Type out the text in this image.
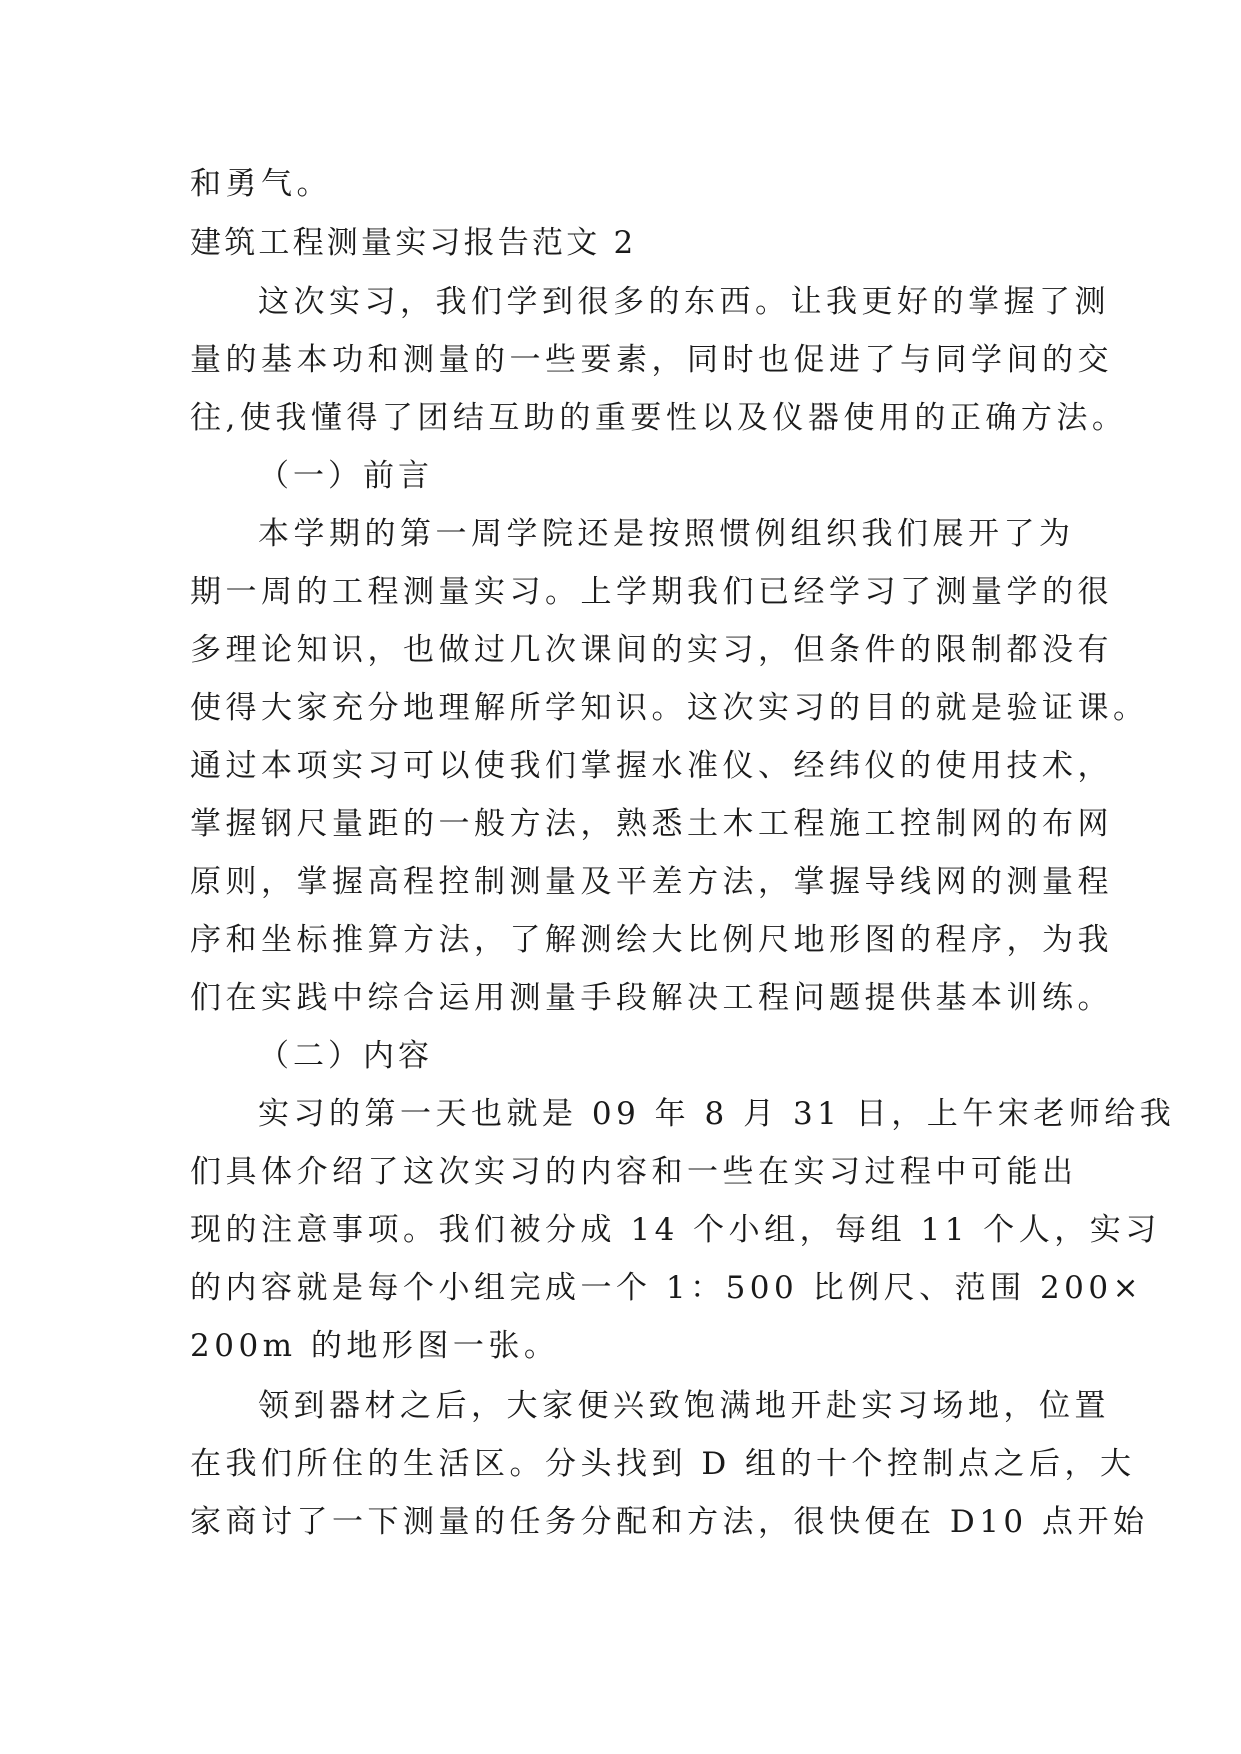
和勇气。
建筑工程测量实习报告范文 2
这次实习，我们学到很多的东西。让我更好的掌握了测
量的基本功和测量的一些要素，同时也促进了与同学间的交
往,使我懂得了团结互助的重要性以及仪器使用的正确方法。
（一）前言
本学期的第一周学院还是按照惯例组织我们展开了为
期一周的工程测量实习。上学期我们已经学习了测量学的很
多理论知识，也做过几次课间的实习，但条件的限制都没有
使得大家充分地理解所学知识。这次实习的目的就是验证课。
通过本项实习可以使我们掌握水准仪、经纬仪的使用技术，
掌握钢尺量距的一般方法，熟悉土木工程施工控制网的布网
原则，掌握高程控制测量及平差方法，掌握导线网的测量程
序和坐标推算方法，了解测绘大比例尺地形图的程序，为我
们在实践中综合运用测量手段解决工程问题提供基本训练。
（二）内容
实习的第一天也就是 09 年 8 月 31 日，上午宋老师给我
们具体介绍了这次实习的内容和一些在实习过程中可能出
现的注意事项。我们被分成 14 个小组，每组 11 个人，实习
的内容就是每个小组完成一个 1：500 比例尺、范围 200×
200m 的地形图一张。
领到器材之后，大家便兴致饱满地开赴实习场地，位置
在我们所住的生活区。分头找到 D 组的十个控制点之后，大
家商讨了一下测量的任务分配和方法，很快便在 D10 点开始
